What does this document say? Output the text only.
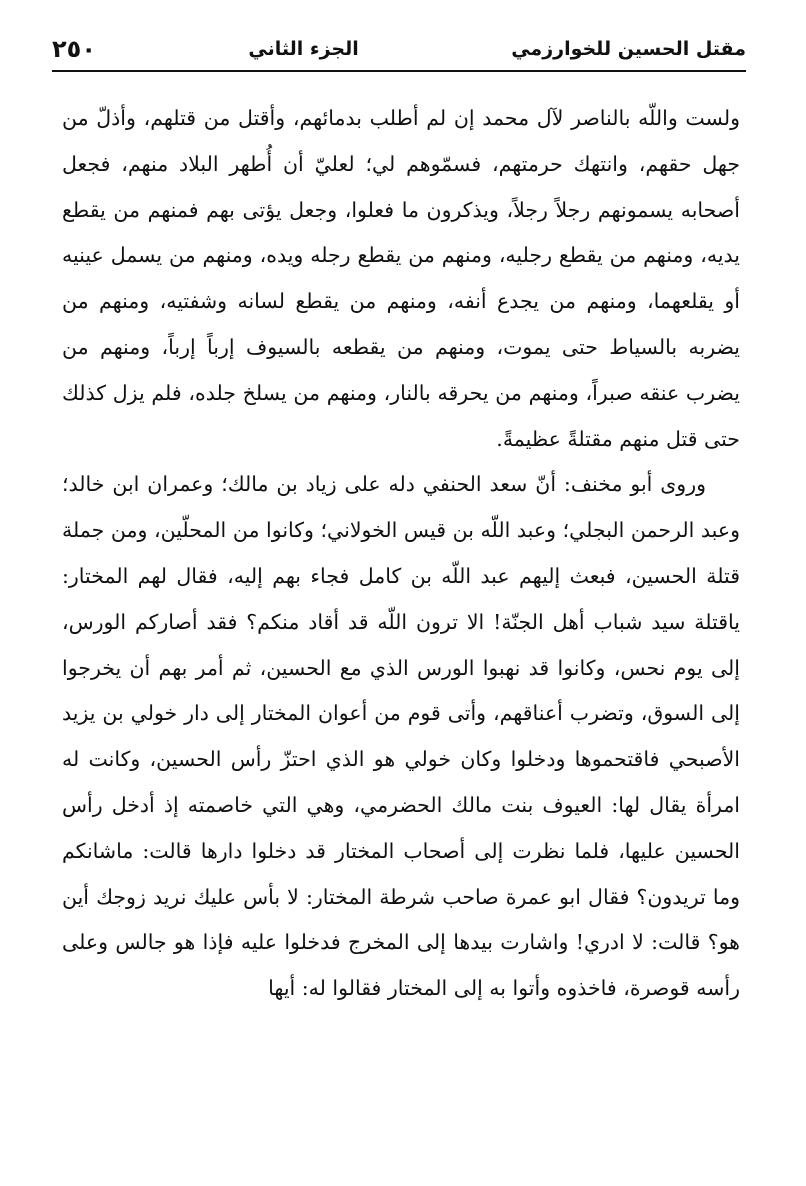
٢٥٠	الجزء الثاني	مقتل الحسين للخوارزمي

ولست واللّه بالناصر لآل محمد إن لم أطلب بدمائهم، وأقتل من قتلهم، وأذلّ من جهل حقهم، وانتهك حرمتهم، فسمّوهم لي؛ لعليّ أن أُطهر البلاد منهم، فجعل أصحابه يسمونهم رجلاً رجلاً، ويذكرون ما فعلوا، وجعل يؤتى بهم فمنهم من يقطع يديه، ومنهم من يقطع رجليه، ومنهم من يقطع رجله ويده، ومنهم من يسمل عينيه أو يقلعهما، ومنهم من يجدع أنفه، ومنهم من يقطع لسانه وشفتيه، ومنهم من يضربه بالسياط حتى يموت، ومنهم من يقطعه بالسيوف إرباً إرباً، ومنهم من يضرب عنقه صبراً، ومنهم من يحرقه بالنار، ومنهم من يسلخ جلده، فلم يزل كذلك حتى قتل منهم مقتلةً عظيمةً.

وروى أبو مخنف: أنّ سعد الحنفي دله على زياد بن مالك؛ وعمران ابن خالد؛ وعبد الرحمن البجلي؛ وعبد اللّه بن قيس الخولاني؛ وكانوا من المحلّين، ومن جملة قتلة الحسين، فبعث إليهم عبد اللّه بن كامل فجاء بهم إليه، فقال لهم المختار: ياقتلة سيد شباب أهل الجنّة! الا ترون اللّه قد أقاد منكم؟ فقد أصاركم الورس، إلى يوم نحس، وكانوا قد نهبوا الورس الذي مع الحسين، ثم أمر بهم أن يخرجوا إلى السوق، وتضرب أعناقهم، وأتى قوم من أعوان المختار إلى دار خولي بن يزيد الأصبحي فاقتحموها ودخلوا وكان خولي هو الذي احتزّ رأس الحسين، وكانت له امرأة يقال لها: العيوف بنت مالك الحضرمي، وهي التي خاصمته إذ أدخل رأس الحسين عليها، فلما نظرت إلى أصحاب المختار قد دخلوا دارها قالت: ماشانكم وما تريدون؟ فقال ابو عمرة صاحب شرطة المختار: لا بأس عليك نريد زوجك أين هو؟ قالت: لا ادري! واشارت بيدها إلى المخرج فدخلوا عليه فإذا هو جالس وعلى رأسه قوصرة، فاخذوه وأتوا به إلى المختار فقالوا له: أيها
